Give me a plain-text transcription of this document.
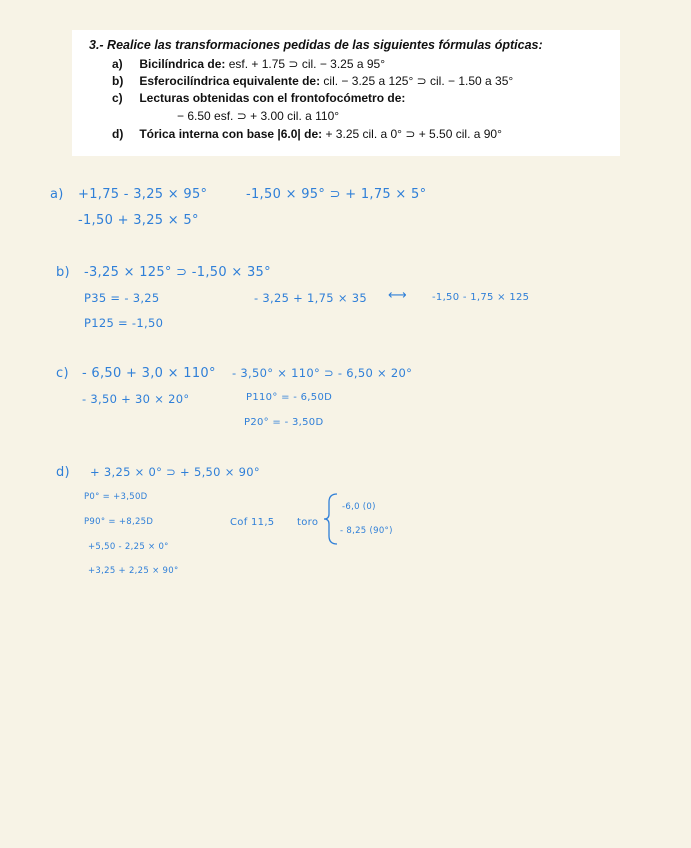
3.- Realice las transformaciones pedidas de las siguientes fórmulas ópticas:
a) Bicilíndrica de: esf. + 1.75 ⊃ cil. − 3.25 a 95°
b) Esferocilíndrica equivalente de: cil. − 3.25 a 125° ⊃ cil. − 1.50 a 35°
c) Lecturas obtenidas con el frontofocómetro de:
− 6.50 esf. ⊃ + 3.00 cil. a 110°
d) Tórica interna con base |6.0| de: + 3.25 cil. a 0° ⊃ + 5.50 cil. a 90°
a) +1,75 - 3,25 × 95°
-1,50 + 3,25 × 5°
-1,50 × 95° ⊃ + 1,75 × 5°
b) -3,25 × 125° ⊃ -1,50 × 35°
P35 = - 3,25
P125 = -1,50
- 3,25 + 1,75 × 35 ⟷	-1,50 - 1,75 × 125
c) - 6,50 + 3,0 × 110°
- 3,50 + 30 × 20°
- 3,50° × 110° ⊃ - 6,50 × 20°
P110° = - 6,50D
P20° = - 3,50D
d) + 3,25 × 0° ⊃ + 5,50 × 90°
P0° = +3,50D
P90° = +8,25D
+5,50 - 2,25 × 0°
+3,25 + 2,25 × 90°
Cof 11,5 toro
-6,0 (0)
- 8,25 (90°)
